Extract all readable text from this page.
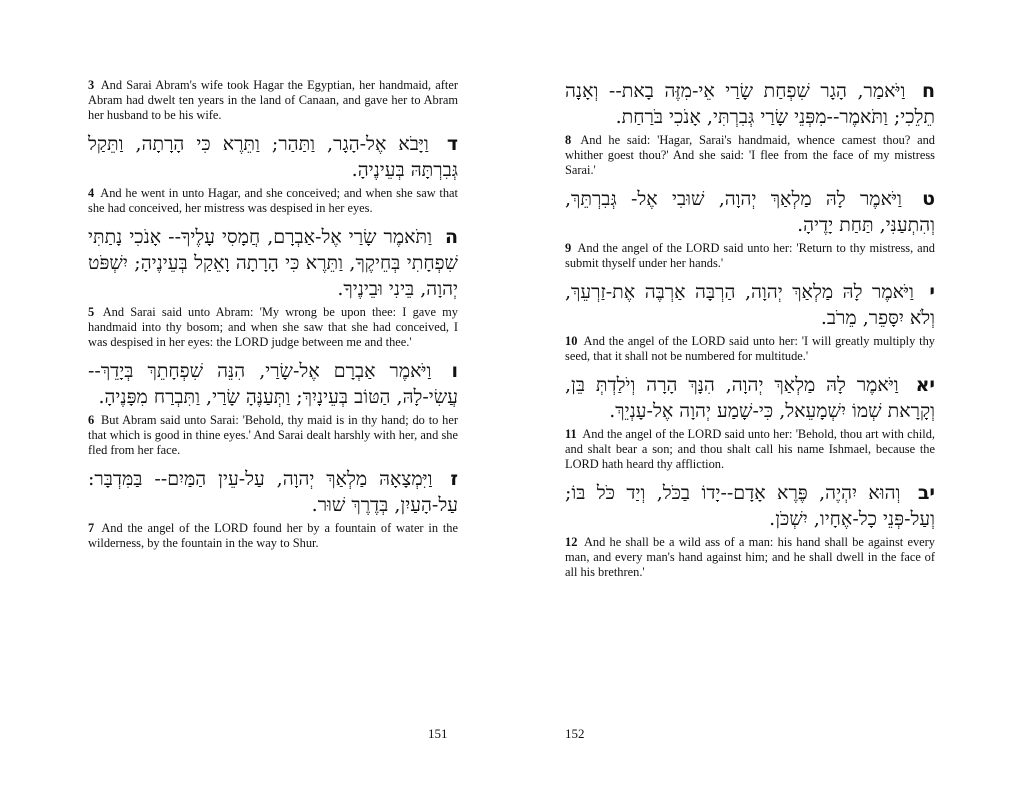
3 And Sarai Abram's wife took Hagar the Egyptian, her handmaid, after Abram had dwelt ten years in the land of Canaan, and gave her to Abram her husband to be his wife.

ד וַיָּבֹא אֶל-הָגָר, וַתַּהַר; וַתֵּרֶא כִּי הָרָתָה, וַתֵּקַל גְּבִרְתָּהּ בְּעֵינֶיהָ.

4 And he went in unto Hagar, and she conceived; and when she saw that she had conceived, her mistress was despised in her eyes.

ה וַתֹּאמֶר שָׂרַי אֶל-אַבְרָם, חֲמָסִי עָלֶיךָ-- אָנֹכִי נָתַתִּי שִׁפְחָתִי בְּחֵיקֶךָ, וַתֵּרֶא כִּי הָרָתָה וָאֵקַל בְּעֵינֶיהָ; יִשְׁפֹּט יְהוָה, בֵּינִי וּבֵינֶיךָ.

5 And Sarai said unto Abram: 'My wrong be upon thee: I gave my handmaid into thy bosom; and when she saw that she had conceived, I was despised in her eyes: the LORD judge between me and thee.'

ו וַיֹּאמֶר אַבְרָם אֶל-שָׂרַי, הִנֵּה שִׁפְחָתֵךְ בְּיָדֵךְ--עֲשִׂי-לָהּ, הַטּוֹב בְּעֵינָיִךְ; וַתְּעַנֶּהָ שָׂרַי, וַתִּבְרַח מִפָּנֶיהָ.

6 But Abram said unto Sarai: 'Behold, thy maid is in thy hand; do to her that which is good in thine eyes.' And Sarai dealt harshly with her, and she fled from her face.

ז וַיִּמְצָאָהּ מַלְאַךְ יְהוָה, עַל-עֵין הַמַּיִם-- בַּמִּדְבָּר: עַל-הָעַיִן, בְּדֶרֶךְ שׁוּר.

7 And the angel of the LORD found her by a fountain of water in the wilderness, by the fountain in the way to Shur.

ח וַיֹּאמַר, הָגָר שִׁפְחַת שָׂרַי אֵי-מִזֶּה בָאת-- וְאָנָה תֵלֵכִי; וַתֹּאמֶר--מִפְּנֵי שָׂרַי גְּבִרְתִּי, אָנֹכִי בֹּרַחַת.

8 And he said: 'Hagar, Sarai's handmaid, whence camest thou? and whither goest thou?' And she said: 'I flee from the face of my mistress Sarai.'

ט וַיֹּאמֶר לָהּ מַלְאַךְ יְהוָה, שׁוּבִי אֶל- גְּבִרְתֵּךְ, וְהִתְעַנִּי, תַּחַת יָדֶיהָ.

9 And the angel of the LORD said unto her: 'Return to thy mistress, and submit thyself under her hands.'

י וַיֹּאמֶר לָהּ מַלְאַךְ יְהוָה, הַרְבָּה אַרְבֶּה אֶת-זַרְעֵךְ, וְלֹא יִסָּפֵר, מֵרֹב.

10 And the angel of the LORD said unto her: 'I will greatly multiply thy seed, that it shall not be numbered for multitude.'

יא וַיֹּאמֶר לָהּ מַלְאַךְ יְהוָה, הִנָּךְ הָרָה וְיֹלַדְתְּ בֵּן, וְקָרָאת שְׁמוֹ יִשְׁמָעֵאל, כִּי-שָׁמַע יְהוָה אֶל-עָנְיֵךְ.

11 And the angel of the LORD said unto her: 'Behold, thou art with child, and shalt bear a son; and thou shalt call his name Ishmael, because the LORD hath heard thy affliction.

יב וְהוּא יִהְיֶה, פֶּרֶא אָדָם--יָדוֹ בַכֹּל, וְיַד כֹּל בּוֹ; וְעַל-פְּנֵי כָל-אֶחָיו, יִשְׁכֹּן.

12 And he shall be a wild ass of a man: his hand shall be against every man, and every man's hand against him; and he shall dwell in the face of all his brethren.'

151	152
